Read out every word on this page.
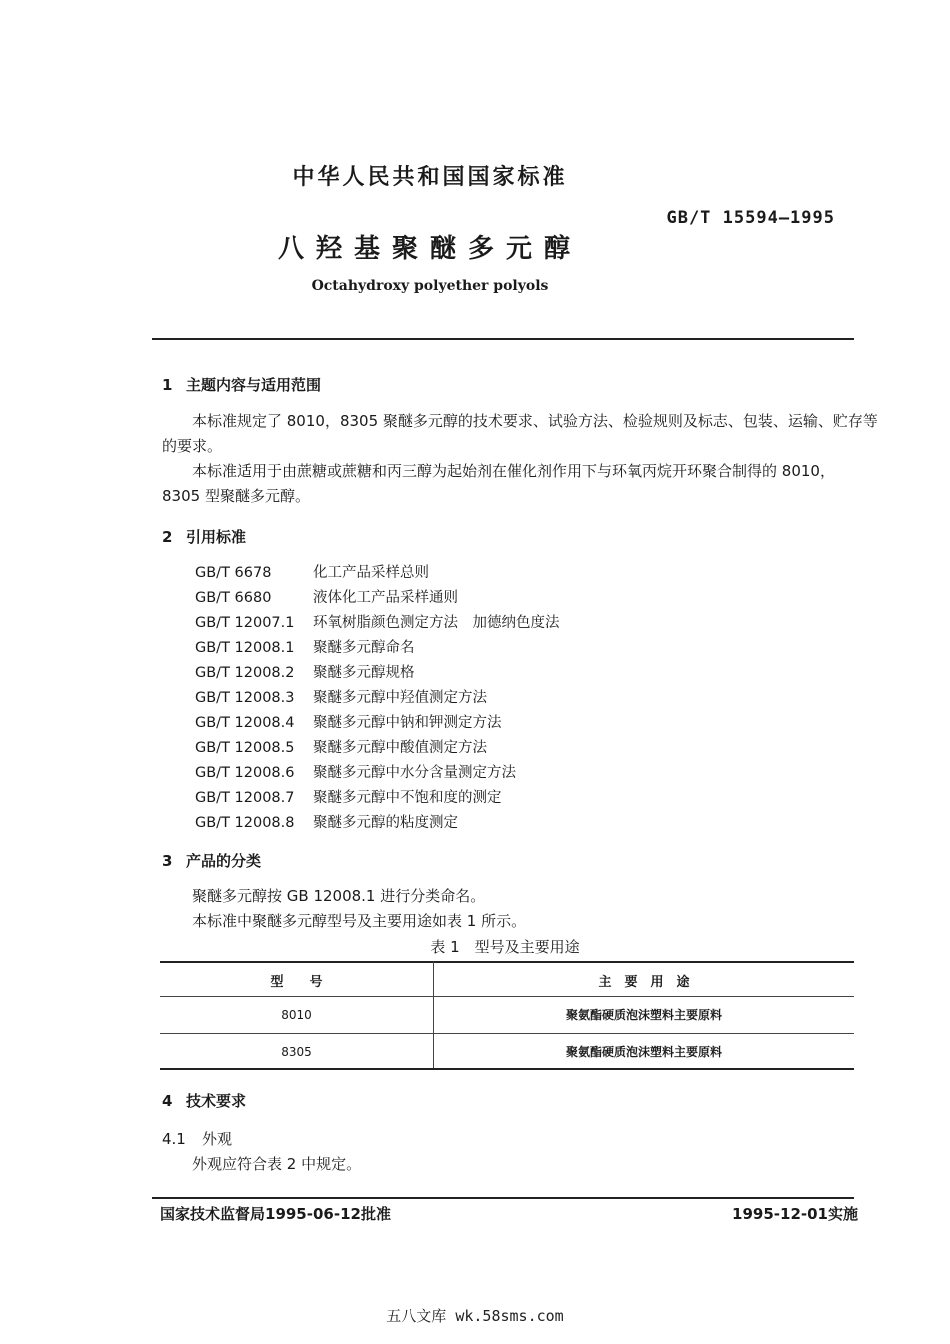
中华人民共和国国家标准
GB/T 15594—1995
八羟基聚醚多元醇
Octahydroxy polyether polyols
1 主题内容与适用范围
本标准规定了 8010，8305 聚醚多元醇的技术要求、试验方法、检验规则及标志、包装、运输、贮存等
的要求。
本标准适用于由蔗糖或蔗糖和丙三醇为起始剂在催化剂作用下与环氧丙烷开环聚合制得的 8010，
8305 型聚醚多元醇。
2 引用标准
GB/T 6678	化工产品采样总则
GB/T 6680	液体化工产品采样通则
GB/T 12007.1 环氧树脂颜色测定方法　加德纳色度法
GB/T 12008.1 聚醚多元醇命名
GB/T 12008.2 聚醚多元醇规格
GB/T 12008.3 聚醚多元醇中羟值测定方法
GB/T 12008.4 聚醚多元醇中钠和钾测定方法
GB/T 12008.5 聚醚多元醇中酸值测定方法
GB/T 12008.6 聚醚多元醇中水分含量测定方法
GB/T 12008.7 聚醚多元醇中不饱和度的测定
GB/T 12008.8 聚醚多元醇的粘度测定
3 产品的分类
聚醚多元醇按 GB 12008.1 进行分类命名。
本标准中聚醚多元醇型号及主要用途如表 1 所示。
表 1　型号及主要用途
型　　号	主　要　用　途
8010	聚氨酯硬质泡沫塑料主要原料
8305	聚氨酯硬质泡沫塑料主要原料
4 技术要求
4.1 外观
外观应符合表 2 中规定。
国家技术监督局1995-06-12批准	1995-12-01实施
五八文库 wk.58sms.com
